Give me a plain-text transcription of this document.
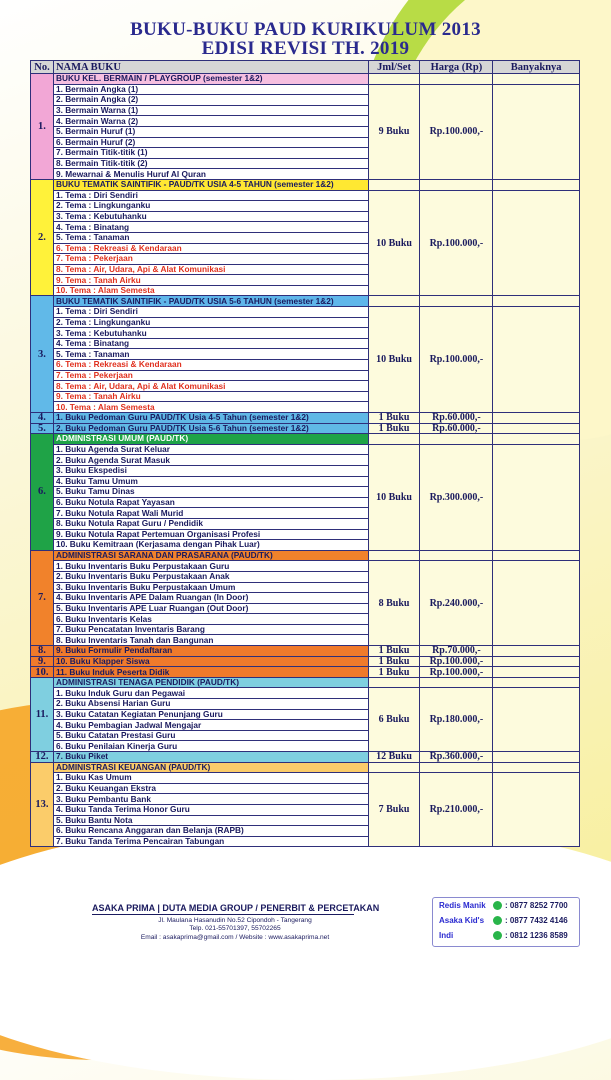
BUKU-BUKU PAUD KURIKULUM 2013
EDISI REVISI TH. 2019
No.	NAMA BUKU	Jml/Set	Harga (Rp)	Banyaknya
1.	BUKU KEL. BERMAIN / PLAYGROUP (semester 1&2)			
	1. Bermain Angka (1)	9 Buku	Rp.100.000,-	
	2. Bermain Angka (2)			
	3. Bermain Warna (1)			
	4. Bermain Warna (2)			
	5. Bermain Huruf (1)			
	6. Bermain Huruf (2)			
	7. Bermain Titik-titik (1)			
	8. Bermain Titik-titik (2)			
	9. Mewarnai & Menulis Huruf Al Quran			
2.	BUKU TEMATIK SAINTIFIK - PAUD/TK USIA 4-5 TAHUN (semester 1&2)			
	1. Tema : Diri Sendiri	10 Buku	Rp.100.000,-	
	2. Tema : Lingkunganku			
	3. Tema : Kebutuhanku			
	4. Tema : Binatang			
	5. Tema : Tanaman			
	6. Tema : Rekreasi & Kendaraan			
	7. Tema : Pekerjaan			
	8. Tema : Air, Udara, Api & Alat Komunikasi			
	9. Tema : Tanah Airku			
	10. Tema : Alam Semesta			
3.	BUKU TEMATIK SAINTIFIK - PAUD/TK USIA 5-6 TAHUN (semester 1&2)			
	1. Tema : Diri Sendiri	10 Buku	Rp.100.000,-	
	2. Tema : Lingkunganku			
	3. Tema : Kebutuhanku			
	4. Tema : Binatang			
	5. Tema : Tanaman			
	6. Tema : Rekreasi & Kendaraan			
	7. Tema : Pekerjaan			
	8. Tema : Air, Udara, Api & Alat Komunikasi			
	9. Tema : Tanah Airku			
	10. Tema : Alam Semesta			
4.	1. Buku Pedoman Guru PAUD/TK Usia 4-5 Tahun (semester 1&2)	1 Buku	Rp.60.000,-	
5.	2. Buku Pedoman Guru PAUD/TK Usia 5-6 Tahun (semester 1&2)	1 Buku	Rp.60.000,-	
6.	ADMINISTRASI UMUM (PAUD/TK)			
	1. Buku Agenda Surat Keluar	10 Buku	Rp.300.000,-	
	2. Buku Agenda Surat Masuk			
	3. Buku Ekspedisi			
	4. Buku Tamu Umum			
	5. Buku Tamu Dinas			
	6. Buku Notula Rapat Yayasan			
	7. Buku Notula Rapat Wali Murid			
	8. Buku Notula Rapat Guru / Pendidik			
	9. Buku Notula Rapat Pertemuan Organisasi Profesi			
	10. Buku Kemitraan (Kerjasama dengan Pihak Luar)			
7.	ADMINISTRASI SARANA DAN PRASARANA (PAUD/TK)			
	1. Buku Inventaris Buku Perpustakaan Guru	8 Buku	Rp.240.000,-	
	2. Buku Inventaris Buku Perpustakaan Anak			
	3. Buku Inventaris Buku Perpustakaan Umum			
	4. Buku Inventaris APE Dalam Ruangan (In Door)			
	5. Buku Inventaris APE Luar Ruangan (Out Door)			
	6. Buku Inventaris Kelas			
	7. Buku Pencatatan Inventaris Barang			
	8. Buku Inventaris Tanah dan Bangunan			
8.	9. Buku Formulir Pendaftaran	1 Buku	Rp.70.000,-	
9.	10. Buku Klapper Siswa	1 Buku	Rp.100.000,-	
10.	11. Buku Induk Peserta Didik	1 Buku	Rp.100.000,-	
11.	ADMINISTRASI TENAGA PENDIDIK (PAUD/TK)			
	1. Buku Induk Guru dan Pegawai	6 Buku	Rp.180.000,-	
	2. Buku Absensi Harian Guru			
	3. Buku Catatan Kegiatan Penunjang Guru			
	4. Buku Pembagian Jadwal Mengajar			
	5. Buku Catatan Prestasi Guru			
	6. Buku Penilaian Kinerja Guru			
12.	7. Buku Piket	12 Buku	Rp.360.000,-	
13.	ADMINISTRASI KEUANGAN (PAUD/TK)			
	1. Buku Kas Umum	7 Buku	Rp.210.000,-	
	2. Buku Keuangan Ekstra			
	3. Buku Pembantu Bank			
	4. Buku Tanda Terima Honor Guru			
	5. Buku Bantu Nota			
	6. Buku Rencana Anggaran dan Belanja (RAPB)			
	7. Buku Tanda Terima Pencairan Tabungan			
ASAKA PRIMA | DUTA MEDIA GROUP / PENERBIT & PERCETAKAN
Jl. Maulana Hasanudin No.52 Cipondoh - Tangerang
Telp. 021-55701397, 55702265
Email : asakaprima@gmail.com / Website : www.asakaprima.net
Redis Manik : 0877 8252 7700
Asaka Kid's	: 0877 7432 4146
Indi	: 0812 1236 8589
